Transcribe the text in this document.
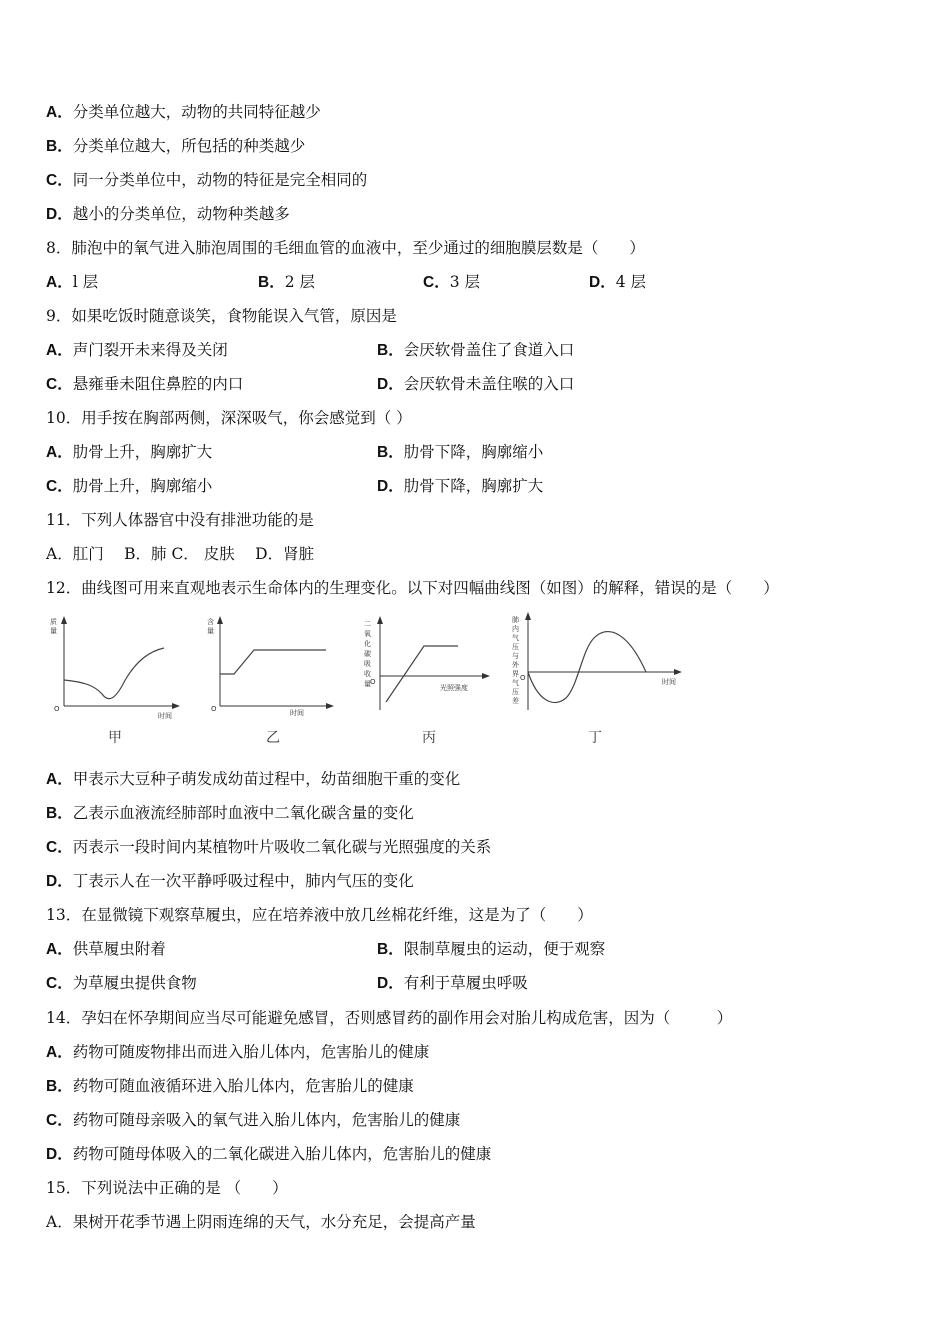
A．分类单位越大，动物的共同特征越少
B．分类单位越大，所包括的种类越少
C．同一分类单位中，动物的特征是完全相同的
D．越小的分类单位，动物种类越多
8．肺泡中的氧气进入肺泡周围的毛细血管的血液中，至少通过的细胞膜层数是（　　）
A．l 层	B．2 层	C．3 层	D．4 层
9．如果吃饭时随意谈笑，食物能误入气管，原因是
A．声门裂开未来得及关闭	B．会厌软骨盖住了食道入口
C．悬雍垂未阻住鼻腔的内口	D．会厌软骨未盖住喉的入口
10．用手按在胸部两侧，深深吸气，你会感觉到（ ）
A．肋骨上升，胸廓扩大	B．肋骨下降，胸廓缩小
C．肋骨上升，胸廓缩小	D．肋骨下降，胸廓扩大
11．下列人体器官中没有排泄功能的是
A．肛门　 B．肺 C． 皮肤　 D．肾脏
12．曲线图可用来直观地表示生命体内的生理变化。以下对四幅曲线图（如图）的解释，错误的是（　　）
质
量
O
时间
甲
含
量
O	时间
乙
二
氧
化
碳
吸
收
量 O
光照强度
丙
肺
内
气
压
与
外
界
气
压
差
O	时间
丁
A．甲表示大豆种子萌发成幼苗过程中，幼苗细胞干重的变化
B．乙表示血液流经肺部时血液中二氧化碳含量的变化
C．丙表示一段时间内某植物叶片吸收二氧化碳与光照强度的关系
D．丁表示人在一次平静呼吸过程中，肺内气压的变化
13．在显微镜下观察草履虫，应在培养液中放几丝棉花纤维，这是为了（　　）
A．供草履虫附着	B．限制草履虫的运动，便于观察
C．为草履虫提供食物	D．有利于草履虫呼吸
14．孕妇在怀孕期间应当尽可能避免感冒，否则感冒药的副作用会对胎儿构成危害，因为（　　　）
A．药物可随废物排出而进入胎儿体内，危害胎儿的健康
B．药物可随血液循环进入胎儿体内，危害胎儿的健康
C．药物可随母亲吸入的氧气进入胎儿体内，危害胎儿的健康
D．药物可随母体吸入的二氧化碳进入胎儿体内，危害胎儿的健康
15．下列说法中正确的是 （　　）
A．果树开花季节遇上阴雨连绵的天气，水分充足，会提高产量
